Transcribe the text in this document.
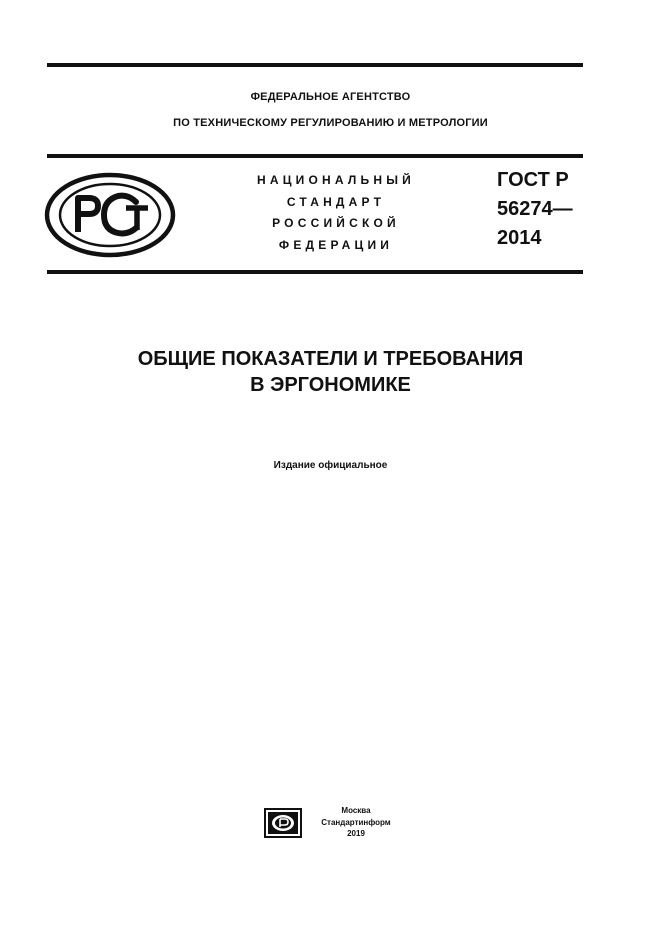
ФЕДЕРАЛЬНОЕ АГЕНТСТВО
ПО ТЕХНИЧЕСКОМУ РЕГУЛИРОВАНИЮ И МЕТРОЛОГИИ
НАЦИОНАЛЬНЫЙ
СТАНДАРТ
РОССИЙСКОЙ
ФЕДЕРАЦИИ
ГОСТ Р
56274—
2014
ОБЩИЕ ПОКАЗАТЕЛИ И ТРЕБОВАНИЯ
В ЭРГОНОМИКЕ
Издание официальное
Москва
Стандартинформ
2019
